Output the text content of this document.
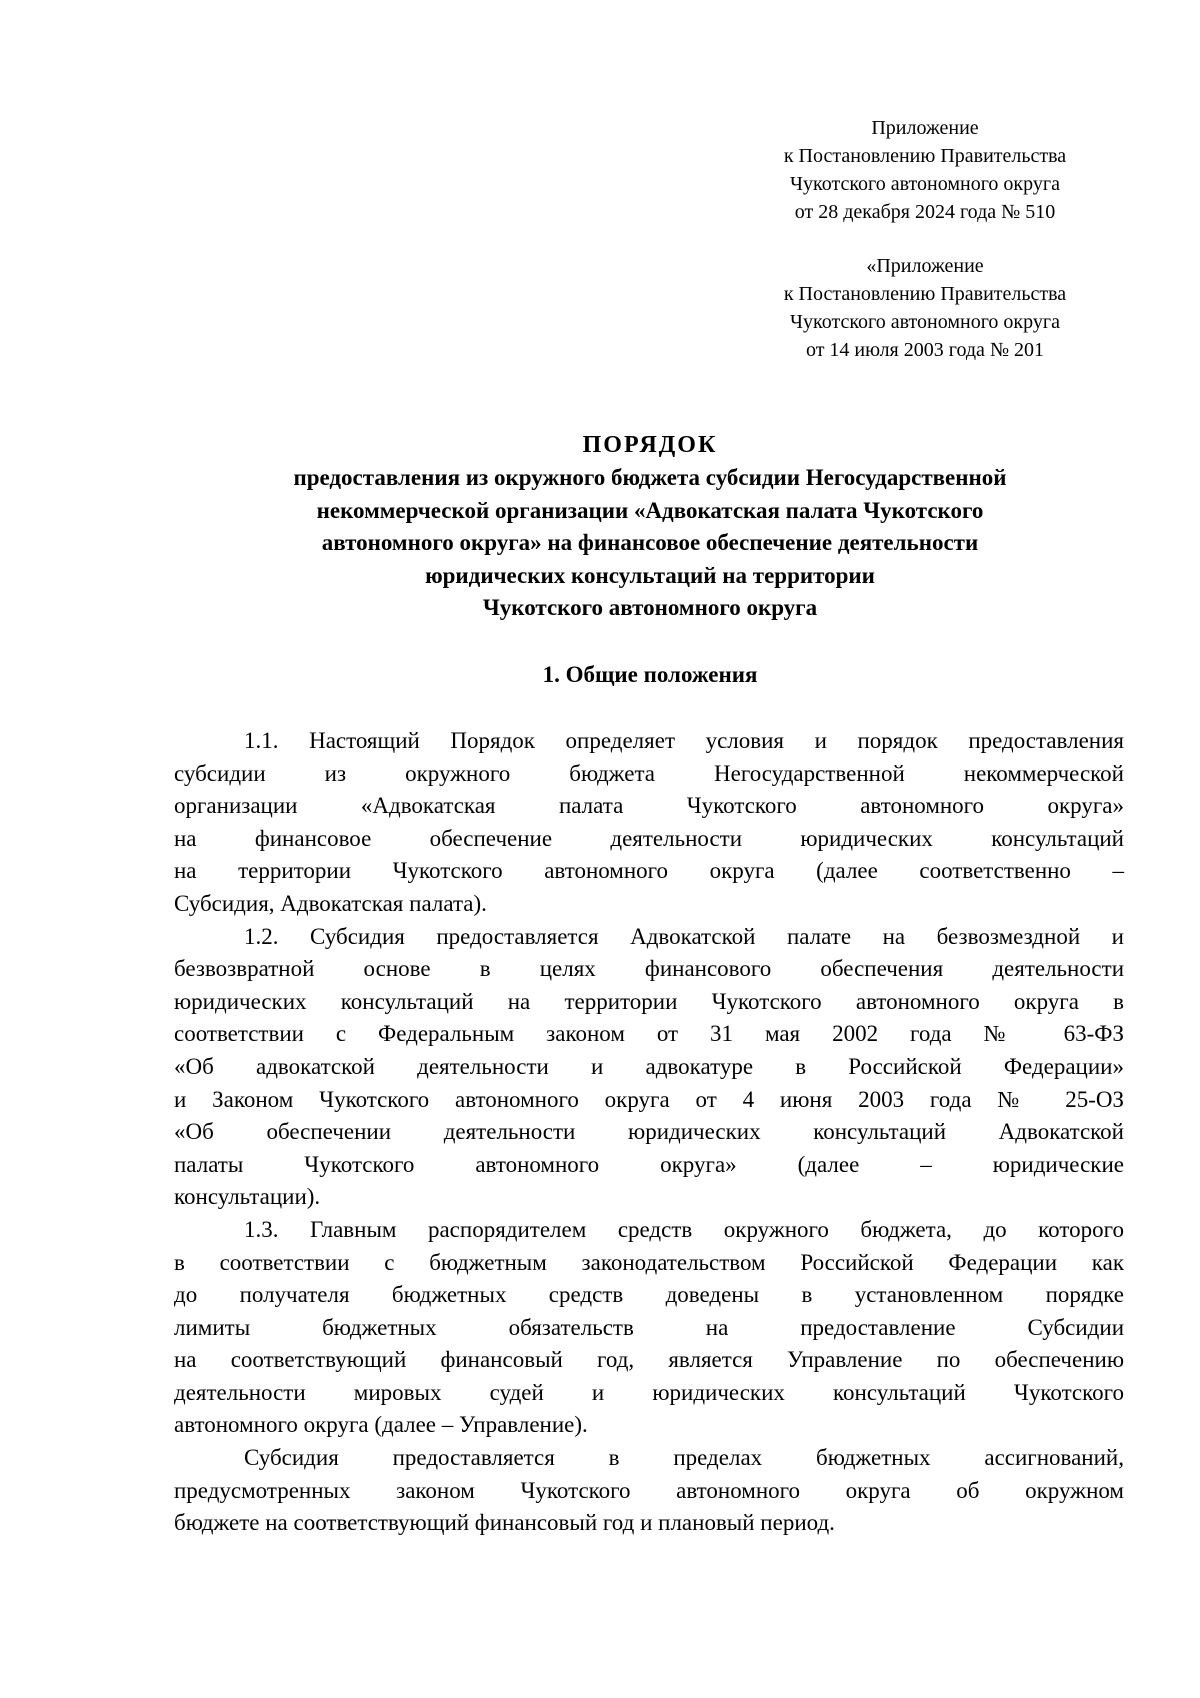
Приложение
к Постановлению Правительства
Чукотского автономного округа
от 28 декабря 2024 года № 510
«Приложение
к Постановлению Правительства
Чукотского автономного округа
от 14 июля 2003 года № 201
ПОРЯДОК
предоставления из окружного бюджета субсидии Негосударственной
некоммерческой организации «Адвокатская палата Чукотского
автономного округа» на финансовое обеспечение деятельности
юридических консультаций на территории
Чукотского автономного округа
1. Общие положения
1.1. Настоящий Порядок определяет условия и порядок предоставления
субсидии из окружного бюджета Негосударственной некоммерческой
организации «Адвокатская палата Чукотского автономного округа»
на финансовое обеспечение деятельности юридических консультаций
на территории Чукотского автономного округа (далее соответственно –
Субсидия, Адвокатская палата).
1.2. Субсидия предоставляется Адвокатской палате на безвозмездной и
безвозвратной основе в целях финансового обеспечения деятельности
юридических консультаций на территории Чукотского автономного округа в
соответствии с Федеральным законом от 31 мая 2002 года № 63-ФЗ
«Об адвокатской деятельности и адвокатуре в Российской Федерации»
и Законом Чукотского автономного округа от 4 июня 2003 года № 25-ОЗ
«Об обеспечении деятельности юридических консультаций Адвокатской
палаты Чукотского автономного округа» (далее – юридические
консультации).
1.3. Главным распорядителем средств окружного бюджета, до которого
в соответствии с бюджетным законодательством Российской Федерации как
до получателя бюджетных средств доведены в установленном порядке
лимиты бюджетных обязательств на предоставление Субсидии
на соответствующий финансовый год, является Управление по обеспечению
деятельности мировых судей и юридических консультаций Чукотского
автономного округа (далее – Управление).
Субсидия предоставляется в пределах бюджетных ассигнований,
предусмотренных законом Чукотского автономного округа об окружном
бюджете на соответствующий финансовый год и плановый период.
